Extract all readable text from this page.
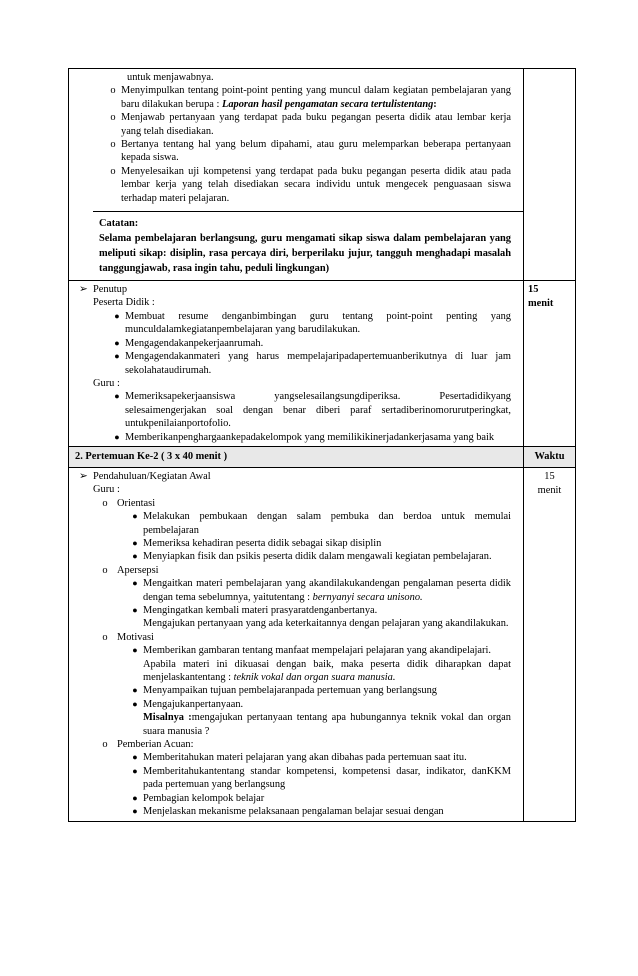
untuk menjawabnya.
o Menyimpulkan tentang point-point penting yang muncul dalam kegiatan pembelajaran yang baru dilakukan berupa : Laporan hasil pengamatan secara tertulistentang:
o Menjawab pertanyaan yang terdapat pada buku pegangan peserta didik atau lembar kerja yang telah disediakan.
o Bertanya tentang hal yang belum dipahami, atau guru melemparkan beberapa pertanyaan kepada siswa.
o Menyelesaikan uji kompetensi yang terdapat pada buku pegangan peserta didik atau pada lembar kerja yang telah disediakan secara individu untuk mengecek penguasaan siswa terhadap materi pelajaran.
Catatan:
Selama pembelajaran berlangsung, guru mengamati sikap siswa dalam pembelajaran yang meliputi sikap: disiplin, rasa percaya diri, berperilaku jujur, tangguh menghadapi masalah tanggungjawab, rasa ingin tahu, peduli lingkungan)
➢ Penutup
Peserta Didik :
● Membuat resume denganbimbingan guru tentang point-point penting yang munculdalamkegiatanpembelajaran yang barudilakukan.
● Mengagendakanpekerjaanrumah.
● Mengagendakanmateri yang harus mempelajaripadapertemuanberikutnya di luar jam sekolahataudirumah.
Guru :
● Memeriksapekerjaansiswa yangselesailangsungdiperiksa. Pesertadidikyang selesaimengerjakan soal dengan benar diberi paraf sertadiberinomorurutperingkat, untukpenilaianportofolio.
● Memberikanpenghargaankepadakelompok yang memilikikinerjadankerjasama yang baik
15
menit
2. Pertemuan Ke-2 ( 3 x 40 menit )	Waktu
➢ Pendahuluan/Kegiatan Awal
Guru :
o Orientasi
● Melakukan pembukaan dengan salam pembuka dan berdoa untuk memulai pembelajaran
● Memeriksa kehadiran peserta didik sebagai sikap disiplin
● Menyiapkan fisik dan psikis peserta didik dalam mengawali kegiatan pembelajaran.
o Apersepsi
● Mengaitkan materi pembelajaran yang akandilakukandengan pengalaman peserta didik dengan tema sebelumnya, yaitutentang : bernyanyi secara unisono.
● Mengingatkan kembali materi prasyaratdenganbertanya.
Mengajukan pertanyaan yang ada keterkaitannya dengan pelajaran yang akandilakukan.
o Motivasi
● Memberikan gambaran tentang manfaat mempelajari pelajaran yang akandipelajari.
Apabila materi ini dikuasai dengan baik, maka peserta didik diharapkan dapat menjelaskantentang : teknik vokal dan organ suara manusia.
● Menyampaikan tujuan pembelajaranpada pertemuan yang berlangsung
● Mengajukanpertanyaan.
Misalnya :mengajukan pertanyaan tentang apa hubungannya teknik vokal dan organ suara manusia ?
o Pemberian Acuan:
● Memberitahukan materi pelajaran yang akan dibahas pada pertemuan saat itu.
● Memberitahukantentang standar kompetensi, kompetensi dasar, indikator, danKKM pada pertemuan yang berlangsung
● Pembagian kelompok belajar
● Menjelaskan mekanisme pelaksanaan pengalaman belajar sesuai dengan
15
menit
